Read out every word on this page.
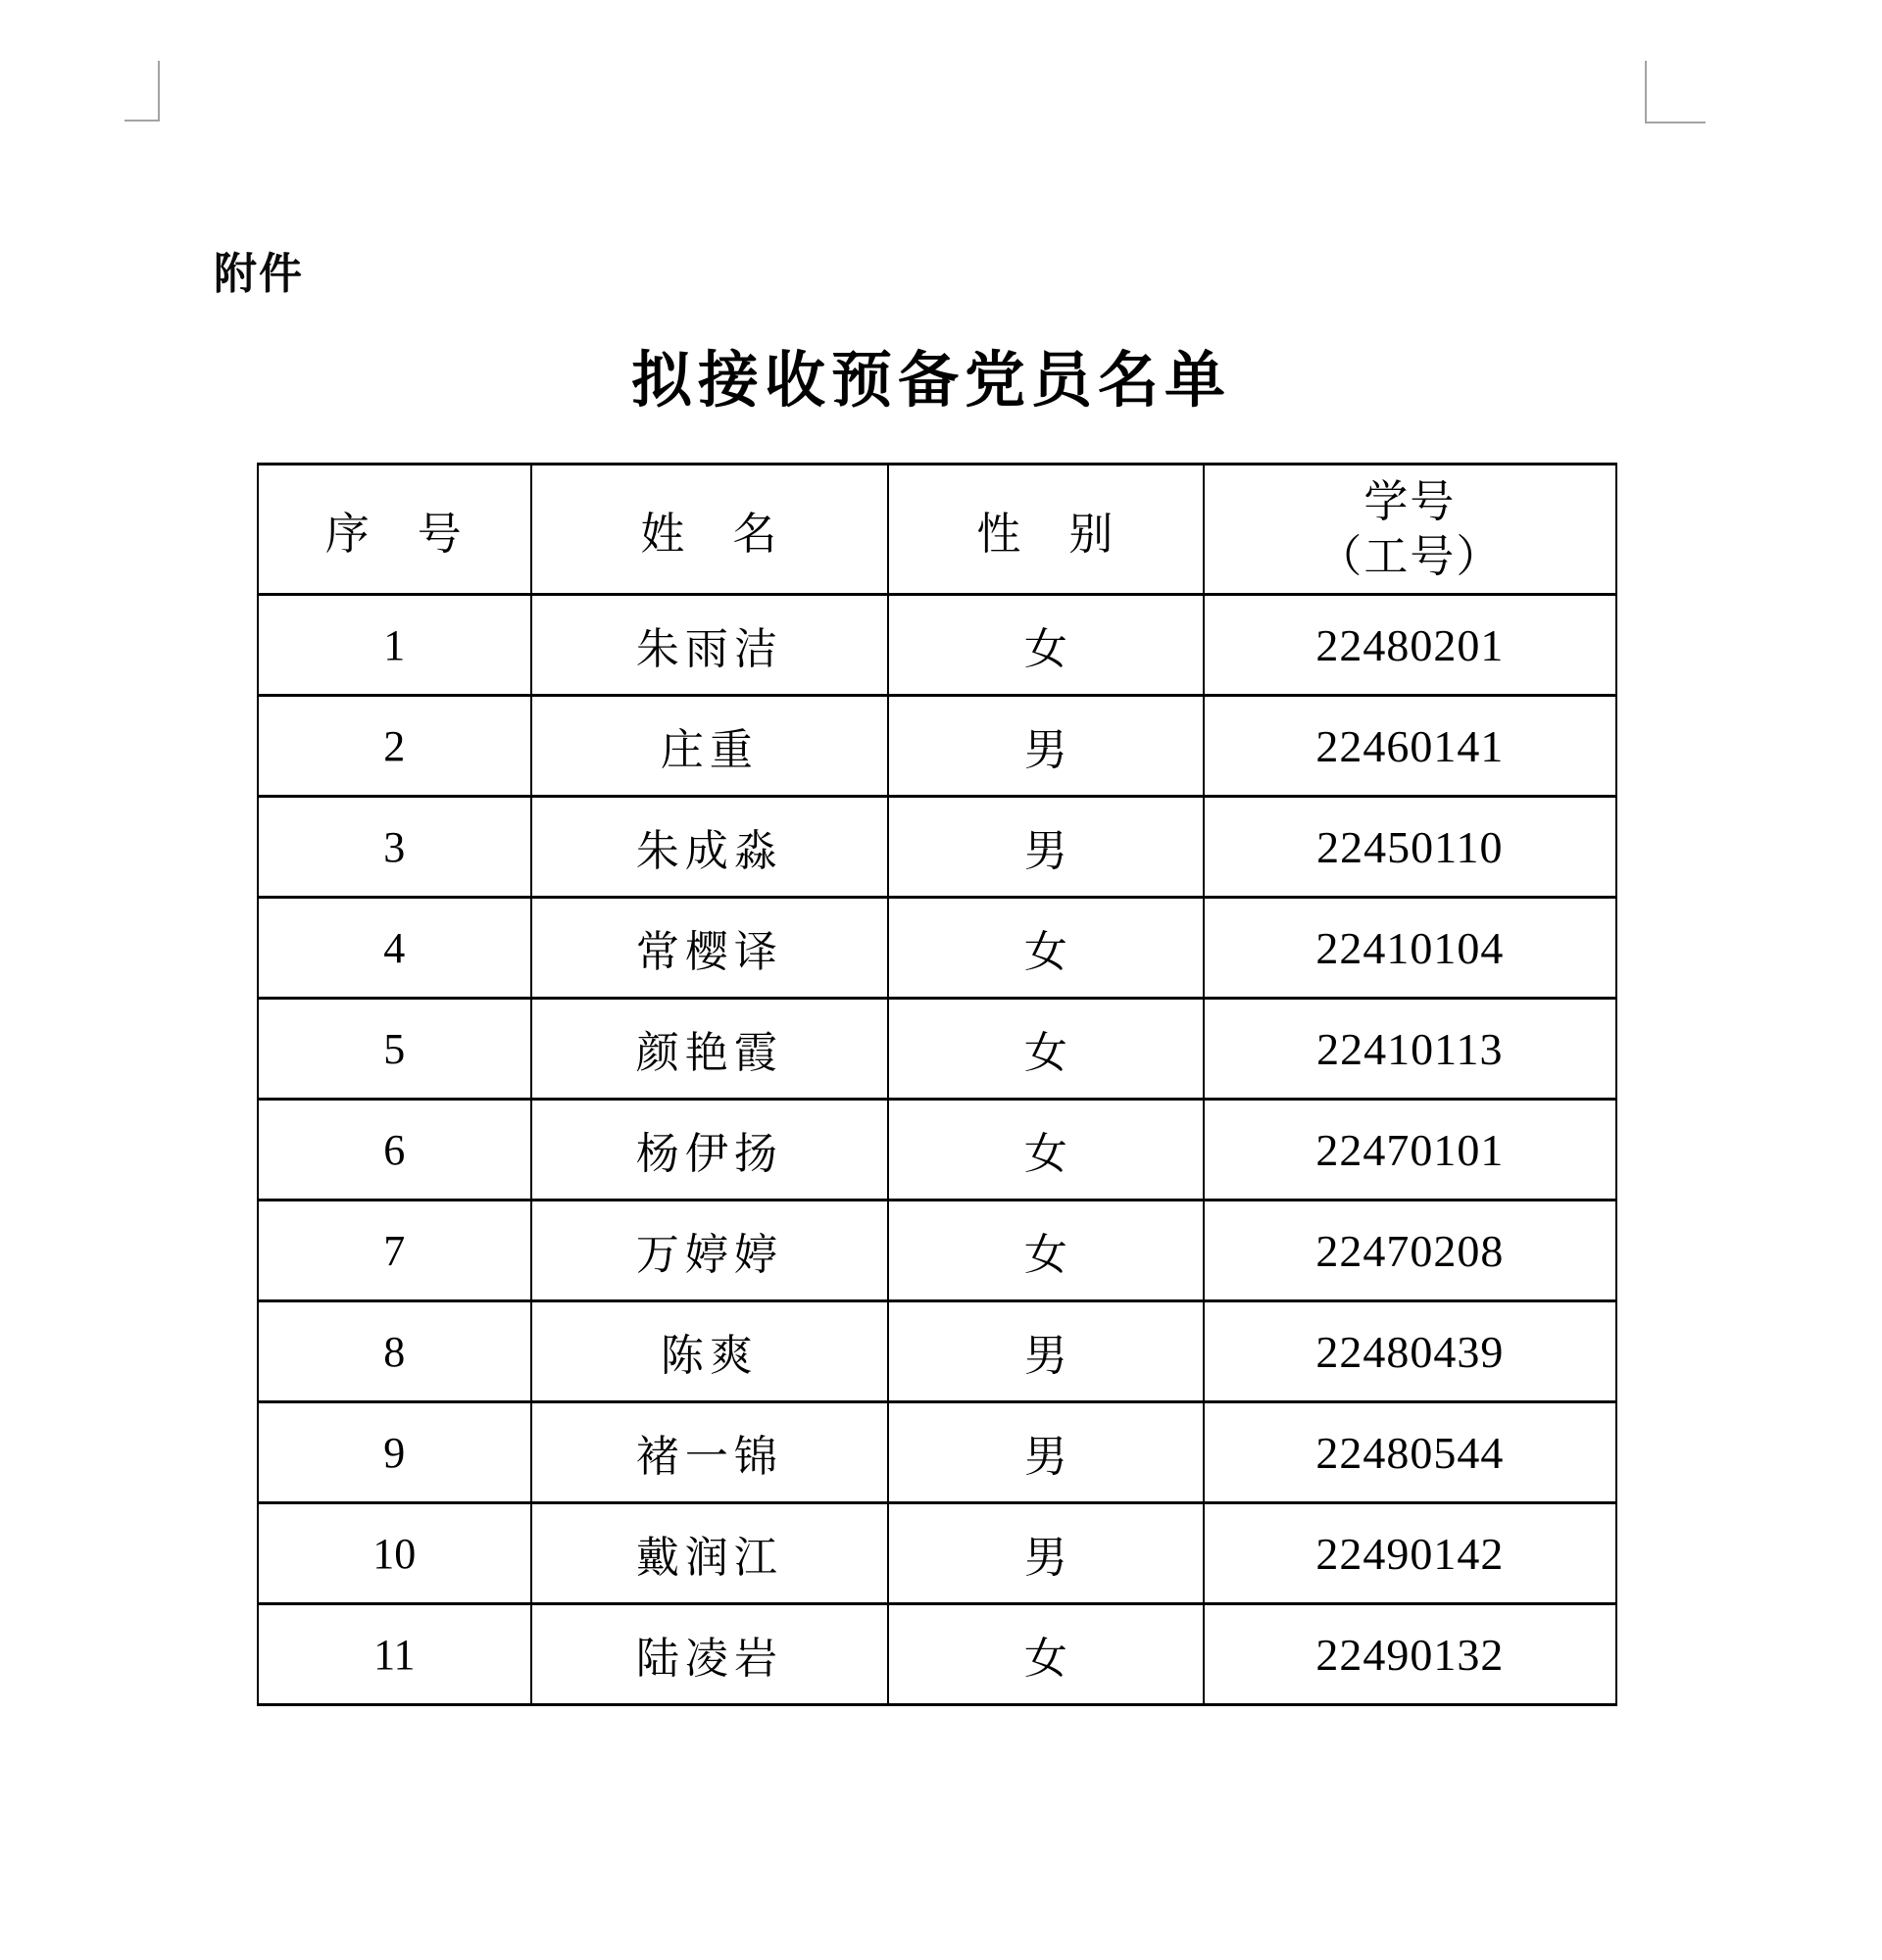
附件
拟接收预备党员名单
序　号	姓　名	性　别	学号
（工号）

1	朱雨洁	女	22480201
2	庄重	男	22460141
3	朱成淼	男	22450110
4	常樱译	女	22410104
5	颜艳霞	女	22410113
6	杨伊扬	女	22470101
7	万婷婷	女	22470208
8	陈爽	男	22480439
9	褚一锦	男	22480544
10	戴润江	男	22490142
11	陆凌岩	女	22490132
